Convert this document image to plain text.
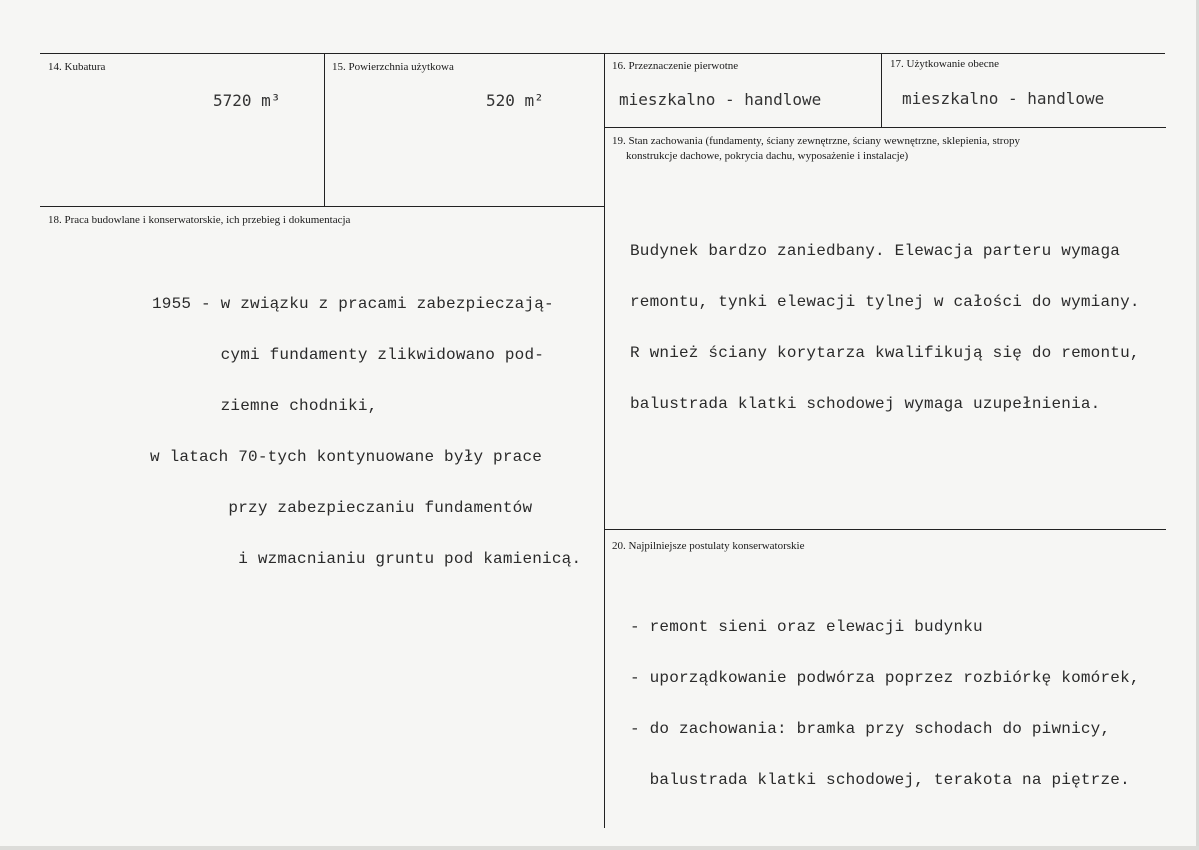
14. Kubatura
5720 m³
15. Powierzchnia użytkowa
520 m²
16. Przeznaczenie pierwotne
mieszkalno - handlowe
17. Użytkowanie obecne
mieszkalno - handlowe
18. Praca budowlane i konserwatorskie, ich przebieg i dokumentacja

1955 - w związku z pracami zabezpieczają-

cymi fundamenty zlikwidowano pod-

ziemne chodniki,

w latach 70-tych kontynuowane były prace

przy zabezpieczaniu fundamentów

i wzmacnianiu gruntu pod kamienicą.

19. Stan zachowania (fundamenty, ściany zewnętrzne, ściany wewnętrzne, sklepienia, stropy
konstrukcje dachowe, pokrycia dachu, wyposażenie i instalacje)

Budynek bardzo zaniedbany. Elewacja parteru wymaga

remontu, tynki elewacji tylnej w całości do wymiany.

R wnież ściany korytarza kwalifikują się do remontu,

balustrada klatki schodowej wymaga uzupełnienia.

20. Najpilniejsze postulaty konserwatorskie

- remont sieni oraz elewacji budynku

- uporządkowanie podwórza poprzez rozbiórkę komórek,

- do zachowania: bramka przy schodach do piwnicy,

balustrada klatki schodowej, terakota na piętrze.
